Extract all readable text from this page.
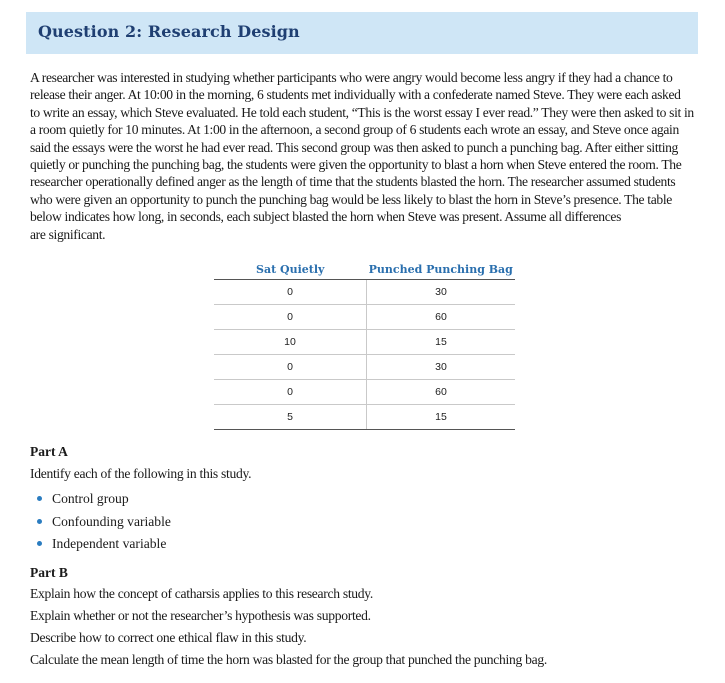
Question 2: Research Design

A researcher was interested in studying whether participants who were angry would become less angry if they had a chance to
release their anger. At 10:00 in the morning, 6 students met individually with a confederate named Steve. They were each asked
to write an essay, which Steve evaluated. He told each student, “This is the worst essay I ever read.” They were then asked to sit in
a room quietly for 10 minutes. At 1:00 in the afternoon, a second group of 6 students each wrote an essay, and Steve once again
said the essays were the worst he had ever read. This second group was then asked to punch a punching bag. After either sitting
quietly or punching the punching bag, the students were given the opportunity to blast a horn when Steve entered the room. The
researcher operationally defined anger as the length of time that the students blasted the horn. The researcher assumed students
who were given an opportunity to punch the punching bag would be less likely to blast the horn in Steve’s presence. The table
below indicates how long, in seconds, each subject blasted the horn when Steve was present. Assume all differences
are significant.

Sat Quietly	Punched Punching Bag
0	30
0	60
10	15
0	30
0	60
5	15

Part A

Identify each of the following in this study.

Control group
Confounding variable
Independent variable

Part B

Explain how the concept of catharsis applies to this research study.

Explain whether or not the researcher’s hypothesis was supported.

Describe how to correct one ethical flaw in this study.

Calculate the mean length of time the horn was blasted for the group that punched the punching bag.
